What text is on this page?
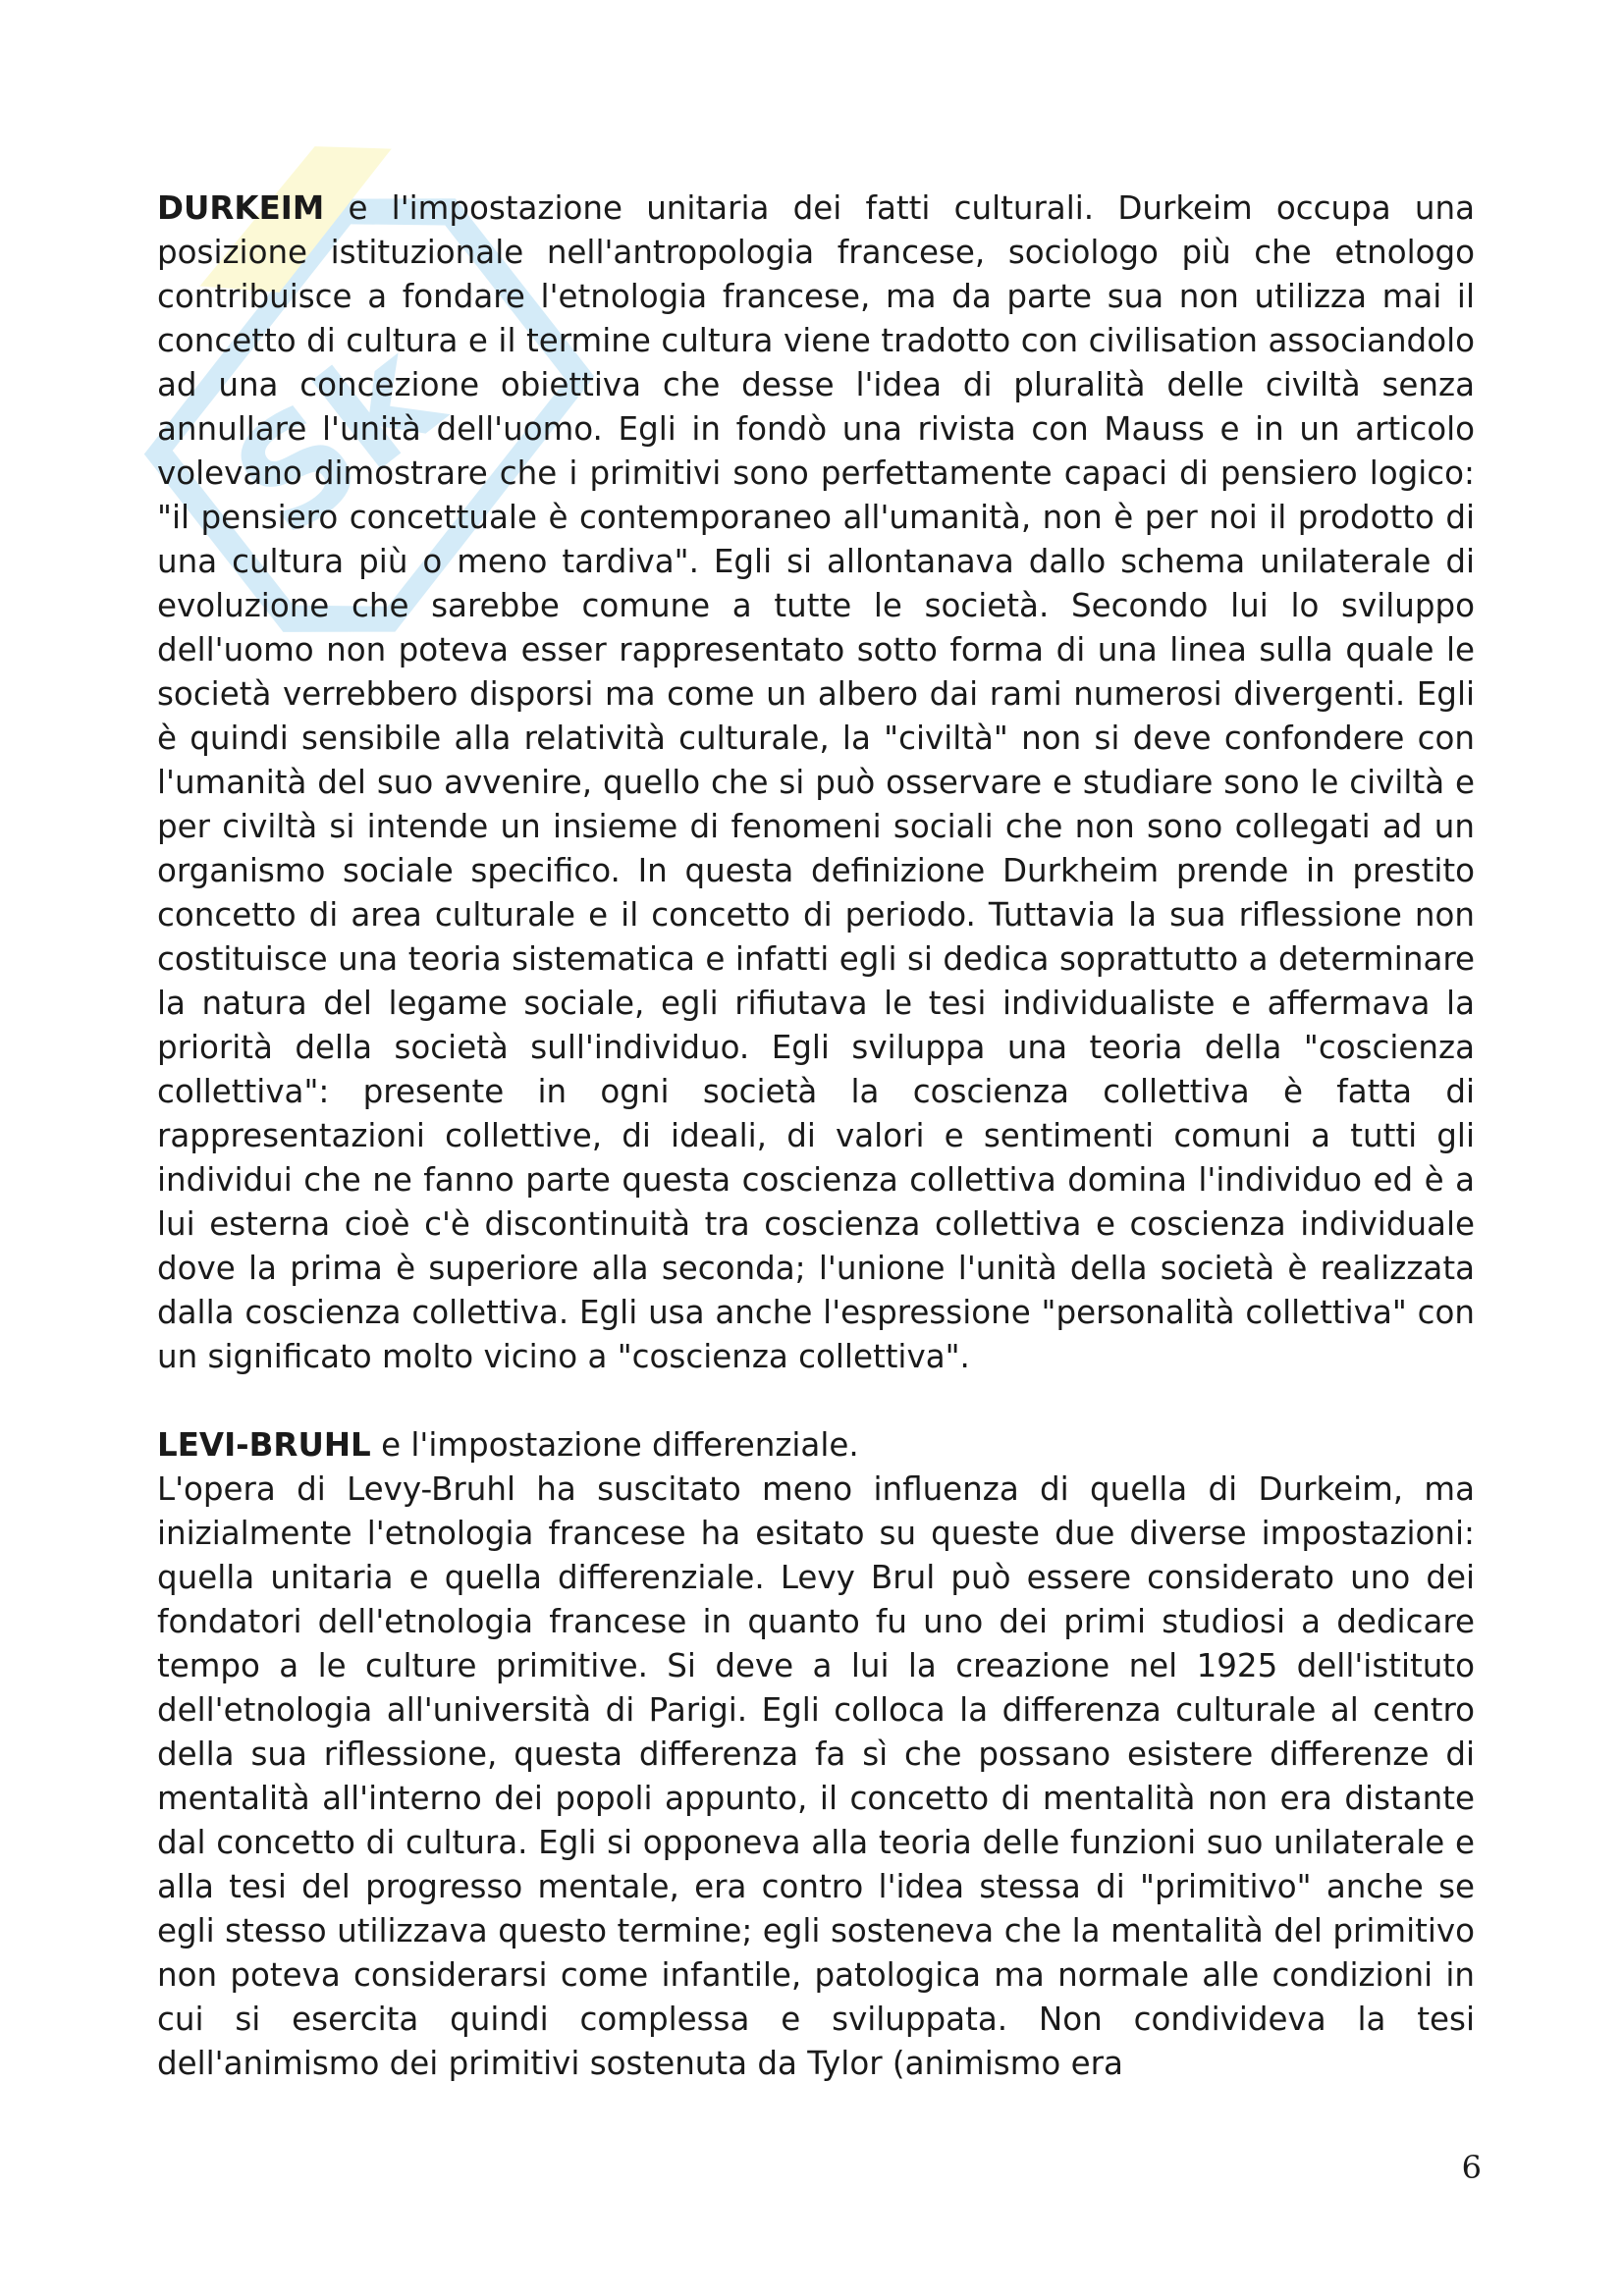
Sk

DURKEIM e l'impostazione unitaria dei fatti culturali. Durkeim occupa una posizione istituzionale nell'antropologia francese, sociologo più che etnologo contribuisce a fondare l'etnologia francese, ma da parte sua non utilizza mai il concetto di cultura e il termine cultura viene tradotto con civilisation associandolo ad una concezione obiettiva che desse l'idea di pluralità delle civiltà senza annullare l'unità dell'uomo. Egli in fondò una rivista con Mauss e in un articolo volevano dimostrare che i primitivi sono perfettamente capaci di pensiero logico: "il pensiero concettuale è contemporaneo all'umanità, non è per noi il prodotto di una cultura più o meno tardiva". Egli si allontanava dallo schema unilaterale di evoluzione che sarebbe comune a tutte le società. Secondo lui lo sviluppo dell'uomo non poteva esser rappresentato sotto forma di una linea sulla quale le società verrebbero disporsi ma come un albero dai rami numerosi divergenti. Egli è quindi sensibile alla relatività culturale, la "civiltà" non si deve confondere con l'umanità del suo avvenire, quello che si può osservare e studiare sono le civiltà e per civiltà si intende un insieme di fenomeni sociali che non sono collegati ad un organismo sociale specifico. In questa definizione Durkheim prende in prestito concetto di area culturale e il concetto di periodo. Tuttavia la sua riflessione non costituisce una teoria sistematica e infatti egli si dedica soprattutto a determinare la natura del legame sociale, egli rifiutava le tesi individualiste e affermava la priorità della società sull'individuo. Egli sviluppa una teoria della "coscienza collettiva": presente in ogni società la coscienza collettiva è fatta di rappresentazioni collettive, di ideali, di valori e sentimenti comuni a tutti gli individui che ne fanno parte questa coscienza collettiva domina l'individuo ed è a lui esterna cioè c'è discontinuità tra coscienza collettiva e coscienza individuale dove la prima è superiore alla seconda; l'unione l'unità della società è realizzata dalla coscienza collettiva. Egli usa anche l'espressione "personalità collettiva" con un significato molto vicino a "coscienza collettiva".

LEVI-BRUHL e l'impostazione differenziale.

L'opera di Levy-Bruhl ha suscitato meno influenza di quella di Durkeim, ma inizialmente l'etnologia francese ha esitato su queste due diverse impostazioni: quella unitaria e quella differenziale. Levy Brul può essere considerato uno dei fondatori dell'etnologia francese in quanto fu uno dei primi studiosi a dedicare tempo a le culture primitive. Si deve a lui la creazione nel 1925 dell'istituto dell'etnologia all'università di Parigi. Egli colloca la differenza culturale al centro della sua riflessione, questa differenza fa sì che possano esistere differenze di mentalità all'interno dei popoli appunto, il concetto di mentalità non era distante dal concetto di cultura. Egli si opponeva alla teoria delle funzioni suo unilaterale e alla tesi del progresso mentale, era contro l'idea stessa di "primitivo" anche se egli stesso utilizzava questo termine; egli sosteneva che la mentalità del primitivo non poteva considerarsi come infantile, patologica ma normale alle condizioni in cui si esercita quindi complessa e sviluppata. Non condivideva la tesi dell'animismo dei primitivi sostenuta da Tylor (animismo era

6
